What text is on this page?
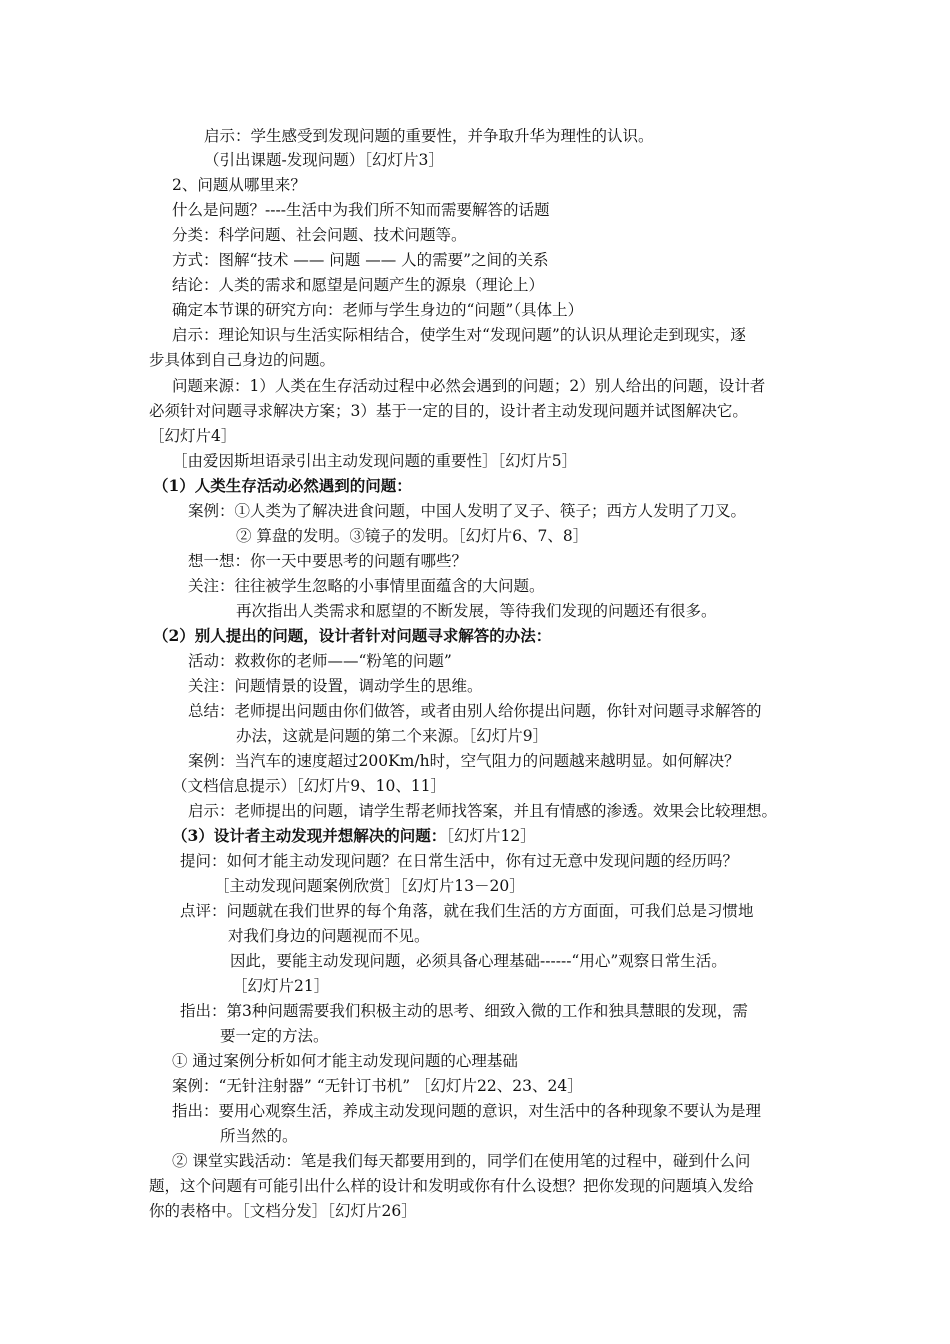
启示：学生感受到发现问题的重要性，并争取升华为理性的认识。
（引出课题-发现问题）［幻灯片3］
2、问题从哪里来？
什么是问题？----生活中为我们所不知而需要解答的话题
分类：科学问题、社会问题、技术问题等。
方式：图解“技术 —— 问题 —— 人的需要”之间的关系
结论：人类的需求和愿望是问题产生的源泉（理论上）
确定本节课的研究方向：老师与学生身边的“问题”（具体上）
启示：理论知识与生活实际相结合，使学生对“发现问题”的认识从理论走到现实，逐
步具体到自己身边的问题。
问题来源：1）人类在生存活动过程中必然会遇到的问题；2）别人给出的问题，设计者
必须针对问题寻求解决方案；3）基于一定的目的，设计者主动发现问题并试图解决它。
［幻灯片4］
［由爱因斯坦语录引出主动发现问题的重要性］［幻灯片5］
（1）人类生存活动必然遇到的问题：
案例：①人类为了解决进食问题，中国人发明了叉子、筷子；西方人发明了刀叉。
② 算盘的发明。③镜子的发明。［幻灯片6、7、8］
想一想：你一天中要思考的问题有哪些？
关注：往往被学生忽略的小事情里面蕴含的大问题。
再次指出人类需求和愿望的不断发展，等待我们发现的问题还有很多。
（2）别人提出的问题，设计者针对问题寻求解答的办法：
活动：救救你的老师——“粉笔的问题”
关注：问题情景的设置，调动学生的思维。
总结：老师提出问题由你们做答，或者由别人给你提出问题，你针对问题寻求解答的
办法，这就是问题的第二个来源。［幻灯片9］
案例：当汽车的速度超过200Km/h时，空气阻力的问题越来越明显。如何解决？
（文档信息提示）［幻灯片9、10、11］
启示：老师提出的问题，请学生帮老师找答案，并且有情感的渗透。效果会比较理想。
（3）设计者主动发现并想解决的问题：［幻灯片12］
提问：如何才能主动发现问题？在日常生活中，你有过无意中发现问题的经历吗？
［主动发现问题案例欣赏］［幻灯片13－20］
点评：问题就在我们世界的每个角落，就在我们生活的方方面面，可我们总是习惯地
对我们身边的问题视而不见。
因此，要能主动发现问题，必须具备心理基础------“用心”观察日常生活。
［幻灯片21］
指出：第3种问题需要我们积极主动的思考、细致入微的工作和独具慧眼的发现，需
要一定的方法。
① 通过案例分析如何才能主动发现问题的心理基础
案例：“无针注射器” “无针订书机” ［幻灯片22、23、24］
指出：要用心观察生活，养成主动发现问题的意识，对生活中的各种现象不要认为是理
所当然的。
② 课堂实践活动：笔是我们每天都要用到的，同学们在使用笔的过程中，碰到什么问
题，这个问题有可能引出什么样的设计和发明或你有什么设想？把你发现的问题填入发给
你的表格中。［文档分发］［幻灯片26］
